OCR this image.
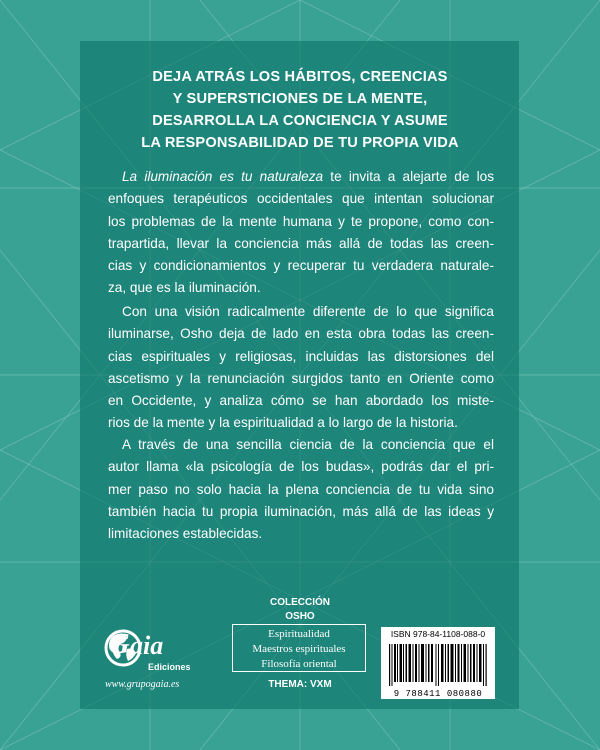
DEJA ATRÁS LOS HÁBITOS, CREENCIAS
Y SUPERSTICIONES DE LA MENTE,
DESARROLLA LA CONCIENCIA Y ASUME
LA RESPONSABILIDAD DE TU PROPIA VIDA
La iluminación es tu naturaleza te invita a alejarte de los
enfoques terapéuticos occidentales que intentan solucionar
los problemas de la mente humana y te propone, como con-
trapartida, llevar la conciencia más allá de todas las creen-
cias y condicionamientos y recuperar tu verdadera naturale-
za, que es la iluminación.
Con una visión radicalmente diferente de lo que significa
iluminarse, Osho deja de lado en esta obra todas las creen-
cias espirituales y religiosas, incluidas las distorsiones del
ascetismo y la renunciación surgidos tanto en Oriente como
en Occidente, y analiza cómo se han abordado los miste-
rios de la mente y la espiritualidad a lo largo de la historia.
A través de una sencilla ciencia de la conciencia que el
autor llama «la psicología de los budas», podrás dar el pri-
mer paso no solo hacia la plena conciencia de tu vida sino
también hacia tu propia iluminación, más allá de las ideas y
limitaciones establecidas.
COLECCIÓN
OSHO
Espiritualidad
Maestros espirituales
Filosofía oriental
THEMA: VXM
aia
G
Ediciones
www.grupogaia.es
ISBN 978-84-1108-088-0
9 788411 080880
